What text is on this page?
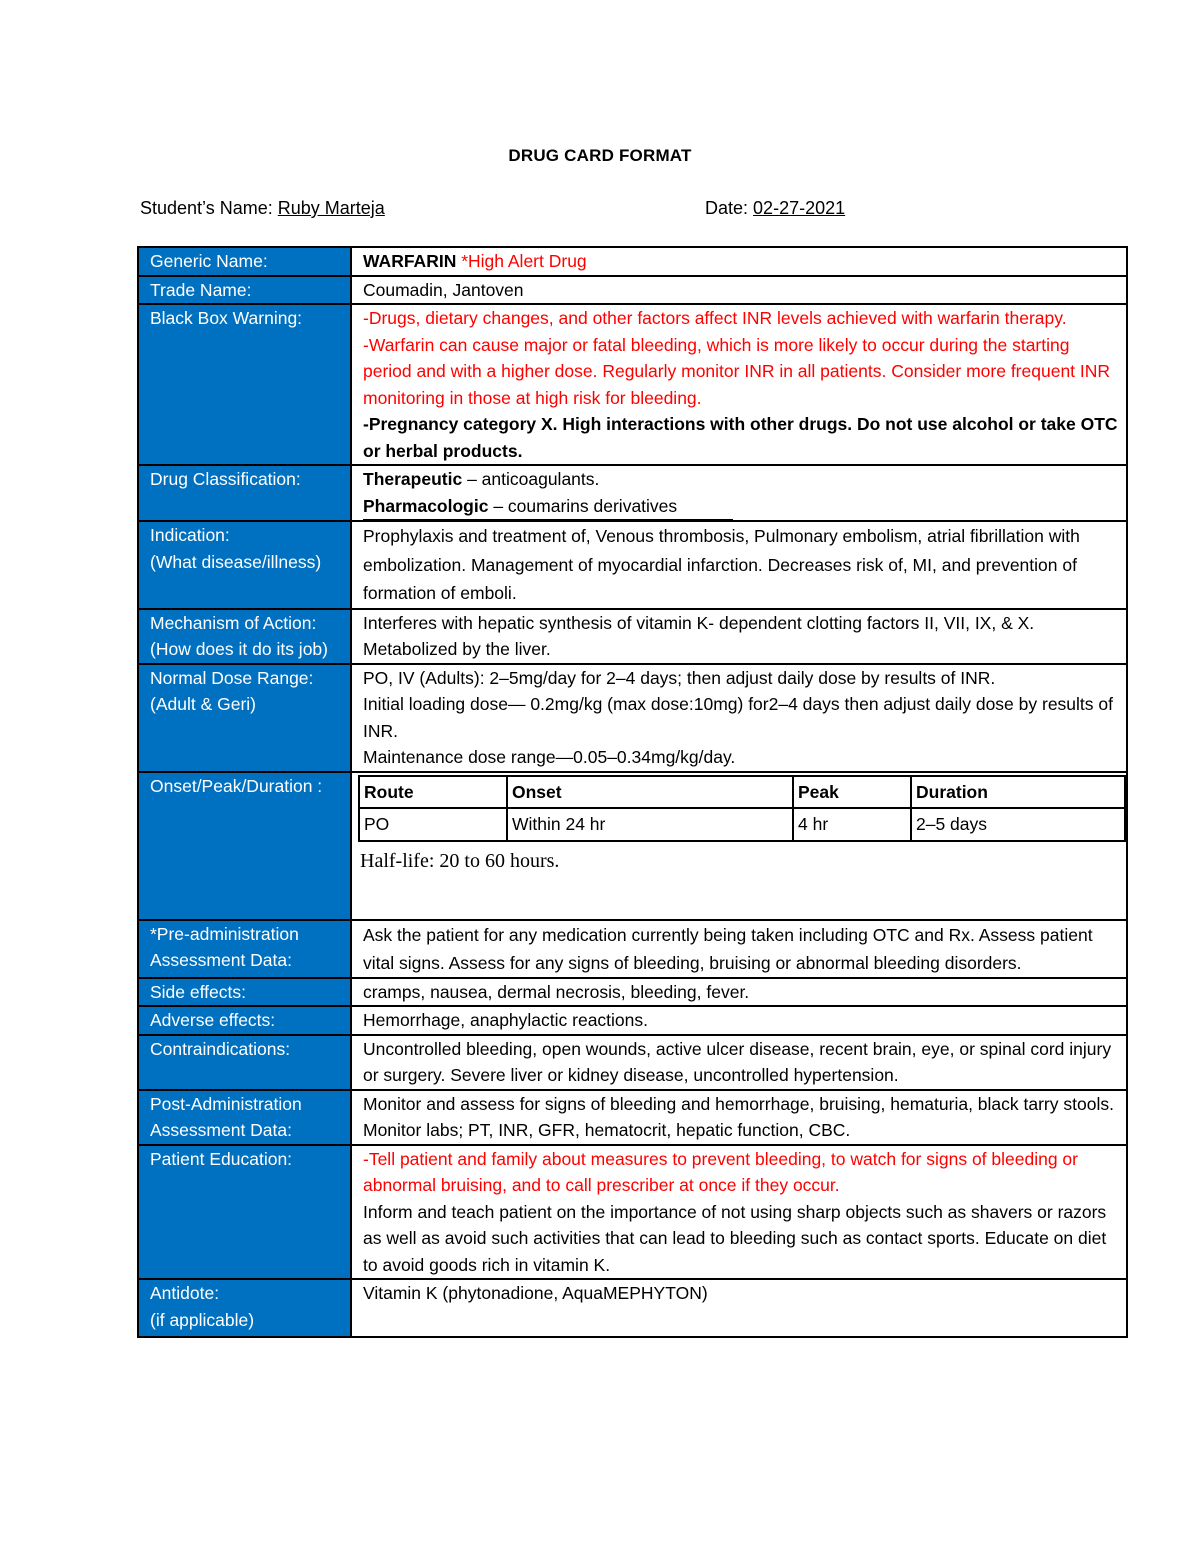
DRUG CARD FORMAT
Student’s Name: Ruby Marteja	Date: 02-27-2021
Generic Name:	WARFARIN *High Alert Drug
Trade Name:	Coumadin, Jantoven
Black Box Warning:	-Drugs, dietary changes, and other factors affect INR levels achieved with warfarin therapy.
-Warfarin can cause major or fatal bleeding, which is more likely to occur during the starting period and with a higher dose. Regularly monitor INR in all patients. Consider more frequent INR monitoring in those at high risk for bleeding.
-Pregnancy category X. High interactions with other drugs. Do not use alcohol or take OTC or herbal products.

Drug Classification:	Therapeutic – anticoagulants.
Pharmacologic – coumarins derivatives

Indication:
(What disease/illness)
	Prophylaxis and treatment of, Venous thrombosis, Pulmonary embolism, atrial fibrillation with embolization. Management of myocardial infarction. Decreases risk of, MI, and prevention of formation of emboli.
Mechanism of Action: (How does it do its job)	Interferes with hepatic synthesis of vitamin K- dependent clotting factors II, VII, IX, & X. Metabolized by the liver.

Normal Dose Range:
(Adult & Geri)

PO, IV (Adults): 2–5mg/day for 2–4 days; then adjust daily dose by results of INR.
Initial loading dose— 0.2mg/kg (max dose:10mg) for2–4 days then adjust daily dose by results of INR.
Maintenance dose range—0.05–0.34mg/kg/day.

Onset/Peak/Duration :	Route	Onset	Peak	Duration
PO	Within 24 hr	4 hr	2–5 days
Half-life: 20 to 60 hours.

*Pre-administration Assessment Data:	Ask the patient for any medication currently being taken including OTC and Rx. Assess patient vital signs. Assess for any signs of bleeding, bruising or abnormal bleeding disorders.
Side effects:	cramps, nausea, dermal necrosis, bleeding, fever.
Adverse effects:	Hemorrhage, anaphylactic reactions.
Contraindications:	Uncontrolled bleeding, open wounds, active ulcer disease, recent brain, eye, or spinal cord injury or surgery. Severe liver or kidney disease, uncontrolled hypertension.
Post-Administration Assessment Data:	Monitor and assess for signs of bleeding and hemorrhage, bruising, hematuria, black tarry stools. Monitor labs; PT, INR, GFR, hematocrit, hepatic function, CBC.
Patient Education:	-Tell patient and family about measures to prevent bleeding, to watch for signs of bleeding or abnormal bruising, and to call prescriber at once if they occur.
Inform and teach patient on the importance of not using sharp objects such as shavers or razors as well as avoid such activities that can lead to bleeding such as contact sports. Educate on diet to avoid goods rich in vitamin K.

Antidote:
(if applicable)
	Vitamin K (phytonadione, AquaMEPHYTON)
